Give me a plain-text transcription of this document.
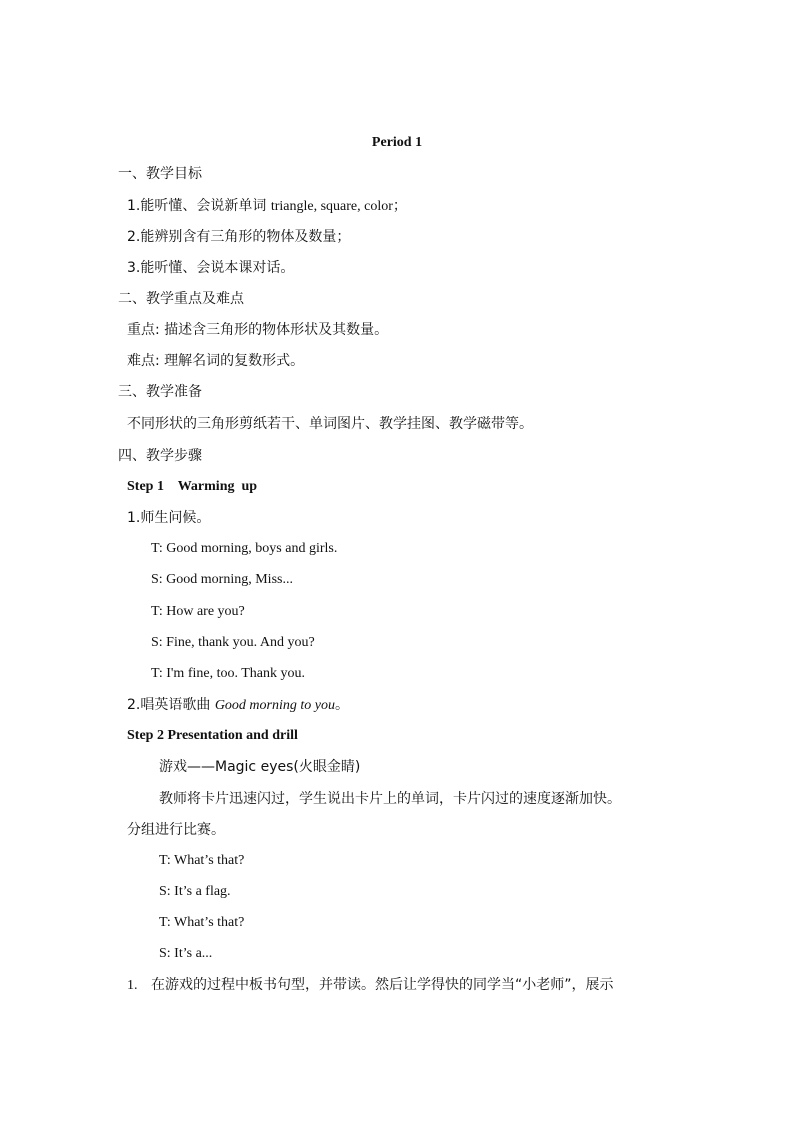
Period 1
一、教学目标
1.能听懂、会说新单词 triangle, square, color；
2.能辨别含有三角形的物体及数量；
3.能听懂、会说本课对话。
二、教学重点及难点
重点: 描述含三角形的物体形状及其数量。
难点: 理解名词的复数形式。
三、教学准备
不同形状的三角形剪纸若干、单词图片、教学挂图、教学磁带等。
四、教学步骤
Step 1    Warming  up
1.师生问候。
T: Good morning, boys and girls.
S: Good morning, Miss...
T: How are you?
S: Fine, thank you. And you?
T: I'm fine, too. Thank you.
2.唱英语歌曲 Good morning to you。
Step 2 Presentation and drill
游戏——Magic eyes(火眼金睛)
教师将卡片迅速闪过，学生说出卡片上的单词，卡片闪过的速度逐渐加快。
分组进行比赛。
T: What’s that?
S: It’s a flag.
T: What’s that?
S: It’s a...
1. 在游戏的过程中板书句型，并带读。然后让学得快的同学当“小老师”，展示
